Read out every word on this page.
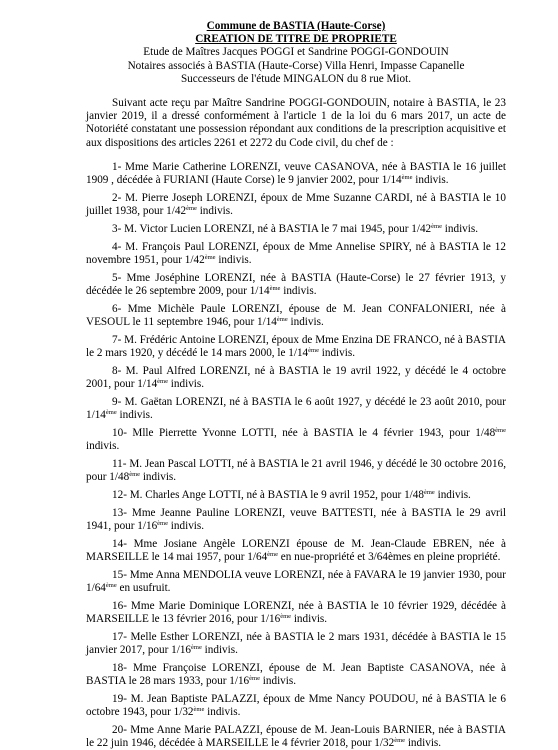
Commune de BASTIA (Haute-Corse)
CREATION DE TITRE DE PROPRIETE
Etude de Maîtres Jacques POGGI et Sandrine POGGI-GONDOUIN
Notaires associés à BASTIA (Haute-Corse) Villa Henri, Impasse Capanelle
Successeurs de l'étude MINGALON du 8 rue Miot.

Suivant acte reçu par Maître Sandrine POGGI-GONDOUIN, notaire à BASTIA, le 23 janvier 2019, il a dressé conformément à l'article 1 de la loi du 6 mars 2017, un acte de Notoriété constatant une possession répondant aux conditions de la prescription acquisitive et aux dispositions des articles 2261 et 2272 du Code civil, du chef de :

1- Mme Marie Catherine LORENZI, veuve CASANOVA, née à BASTIA le 16 juillet 1909 , décédée à FURIANI (Haute Corse) le 9 janvier 2002, pour 1/14ème indivis.
2- M. Pierre Joseph LORENZI, époux de Mme Suzanne CARDI, né à BASTIA le 10 juillet 1938, pour 1/42ème indivis.
3- M. Victor Lucien LORENZI, né à BASTIA le 7 mai 1945, pour 1/42ème indivis.
4- M. François Paul LORENZI, époux de Mme Annelise SPIRY, né à BASTIA le 12 novembre 1951, pour 1/42ème indivis.
5- Mme Joséphine LORENZI, née à BASTIA (Haute-Corse) le 27 février 1913, y décédée le 26 septembre 2009, pour 1/14ème indivis.
6- Mme Michèle Paule LORENZI, épouse de M. Jean CONFALONIERI, née à VESOUL le 11 septembre 1946, pour 1/14ème indivis.
7- M. Frédéric Antoine LORENZI, époux de Mme Enzina DE FRANCO, né à BASTIA le 2 mars 1920, y décédé le 14 mars 2000, le 1/14ème indivis.
8- M. Paul Alfred LORENZI, né à BASTIA le 19 avril 1922, y décédé le 4 octobre 2001, pour 1/14ème indivis.
9- M. Gaëtan LORENZI, né à BASTIA le 6 août 1927, y décédé le 23 août 2010, pour 1/14ème indivis.
10- Mlle Pierrette Yvonne LOTTI, née à BASTIA le 4 février 1943, pour 1/48ème indivis.
11- M. Jean Pascal LOTTI, né à BASTIA le 21 avril 1946, y décédé le 30 octobre 2016, pour 1/48ème indivis.
12- M. Charles Ange LOTTI, né à BASTIA le 9 avril 1952, pour 1/48ème indivis.
13- Mme Jeanne Pauline LORENZI, veuve BATTESTI, née à BASTIA le 29 avril 1941, pour 1/16ème indivis.
14- Mme Josiane Angèle LORENZI épouse de M. Jean-Claude EBREN, née à MARSEILLE le 14 mai 1957, pour 1/64ème en nue-propriété et 3/64èmes en pleine propriété.
15- Mme Anna MENDOLIA veuve LORENZI, née à FAVARA le 19 janvier 1930, pour 1/64ème en usufruit.
16- Mme Marie Dominique LORENZI, née à BASTIA le 10 février 1929, décédée à MARSEILLE le 13 février 2016, pour 1/16ème indivis.
17- Melle Esther LORENZI, née à BASTIA le 2 mars 1931, décédée à BASTIA le 15 janvier 2017, pour 1/16ème indivis.
18- Mme Françoise LORENZI, épouse de M. Jean Baptiste CASANOVA, née à BASTIA le 28 mars 1933, pour 1/16ème indivis.
19- M. Jean Baptiste PALAZZI, époux de Mme Nancy POUDOU, né à BASTIA le 6 octobre 1943, pour 1/32ème indivis.
20- Mme Anne Marie PALAZZI, épouse de M. Jean-Louis BARNIER, née à BASTIA le 22 juin 1946, décédée à MARSEILLE le 4 février 2018, pour 1/32ème indivis.
